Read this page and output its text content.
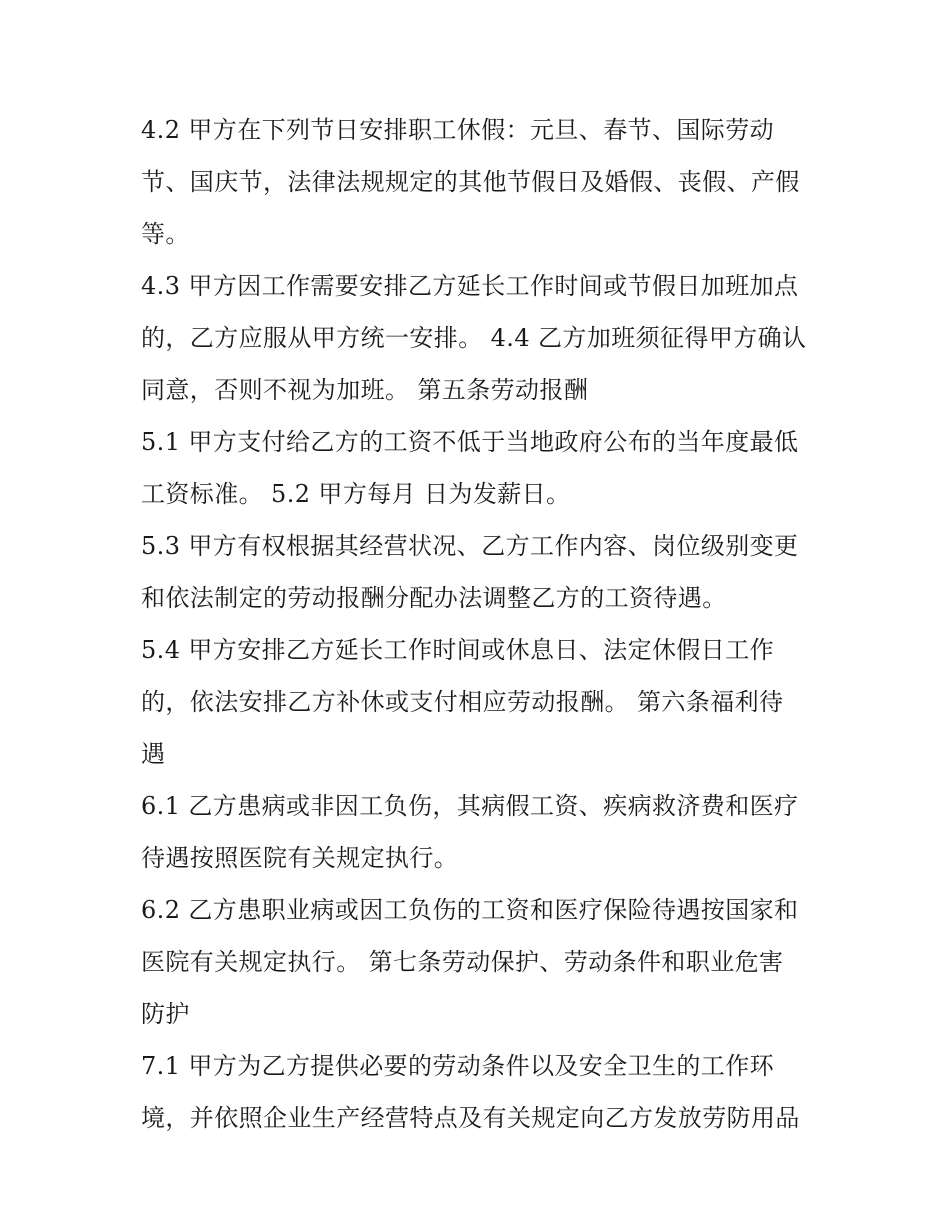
4.2 甲方在下列节日安排职工休假：元旦、春节、国际劳动
节、国庆节，法律法规规定的其他节假日及婚假、丧假、产假
等。
4.3 甲方因工作需要安排乙方延长工作时间或节假日加班加点
的，乙方应服从甲方统一安排。 4.4 乙方加班须征得甲方确认
同意，否则不视为加班。 第五条劳动报酬
5.1 甲方支付给乙方的工资不低于当地政府公布的当年度最低
工资标准。 5.2 甲方每月 日为发薪日。
5.3 甲方有权根据其经营状况、乙方工作内容、岗位级别变更
和依法制定的劳动报酬分配办法调整乙方的工资待遇。
5.4 甲方安排乙方延长工作时间或休息日、法定休假日工作
的，依法安排乙方补休或支付相应劳动报酬。 第六条福利待
遇
6.1 乙方患病或非因工负伤，其病假工资、疾病救济费和医疗
待遇按照医院有关规定执行。
6.2 乙方患职业病或因工负伤的工资和医疗保险待遇按国家和
医院有关规定执行。 第七条劳动保护、劳动条件和职业危害
防护
7.1 甲方为乙方提供必要的劳动条件以及安全卫生的工作环
境，并依照企业生产经营特点及有关规定向乙方发放劳防用品
